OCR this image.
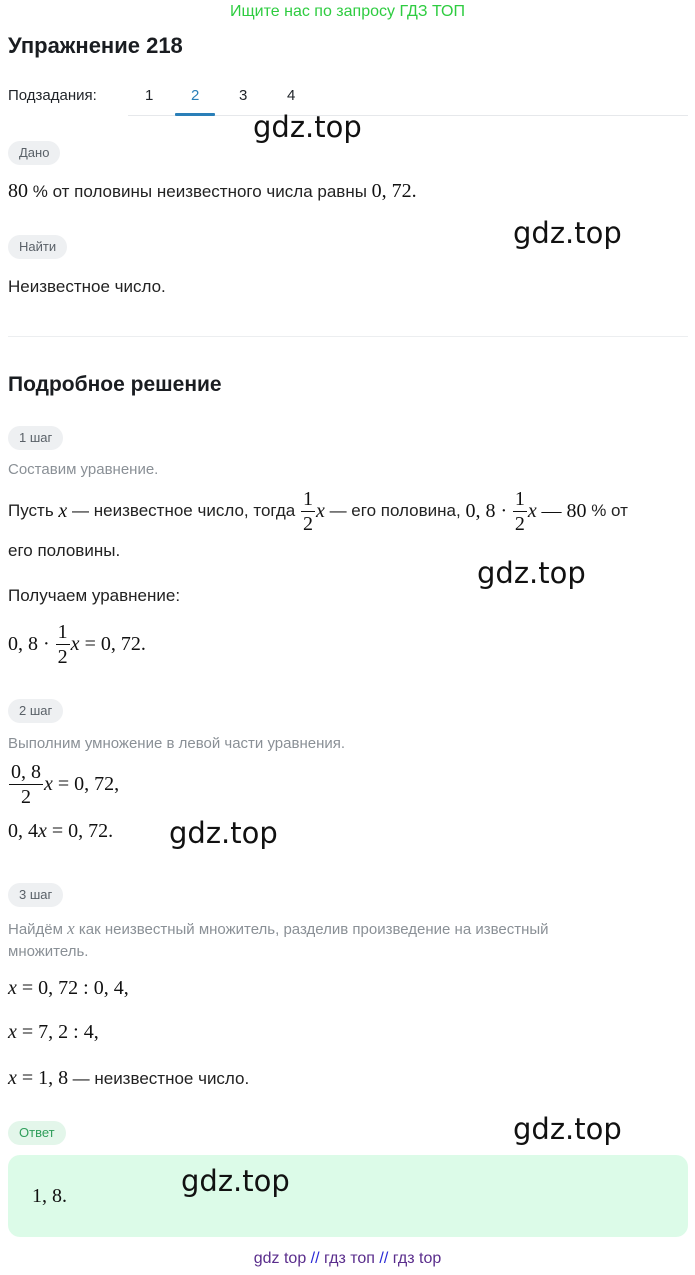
Ищите нас по запросу ГДЗ ТОП
Упражнение 218
Подзадания:	1	2	3	4
Дано
80 % от половины неизвестного числа равны 0, 72.
Найти
Неизвестное число.
Подробное решение
1 шаг
Составим уравнение.
Пусть
x
— неизвестное число, тогда
$\frac{1}{2}$ x
— его половина,
0, 8 ·
$\frac{1}{2}$ x
— 80
% от
его половины.
Получаем уравнение:
0, 8 ·
$\frac{1}{2}$ x
= 0, 72.
2 шаг
Выполним умножение в левой части уравнения.
$\frac{0, 8}{2}$ x
= 0, 72,
0, 4x = 0, 72.
3 шаг
Найдём x как неизвестный множитель, разделив произведение на известный
множитель.
x = 0, 72 : 0, 4,
x = 7, 2 : 4,
x = 1, 8 — неизвестное число.
Ответ
1, 8.
gdz.top
gdz.top
gdz.top
gdz.top
gdz.top
gdz.top
gdz top // гдз топ // гдз top
